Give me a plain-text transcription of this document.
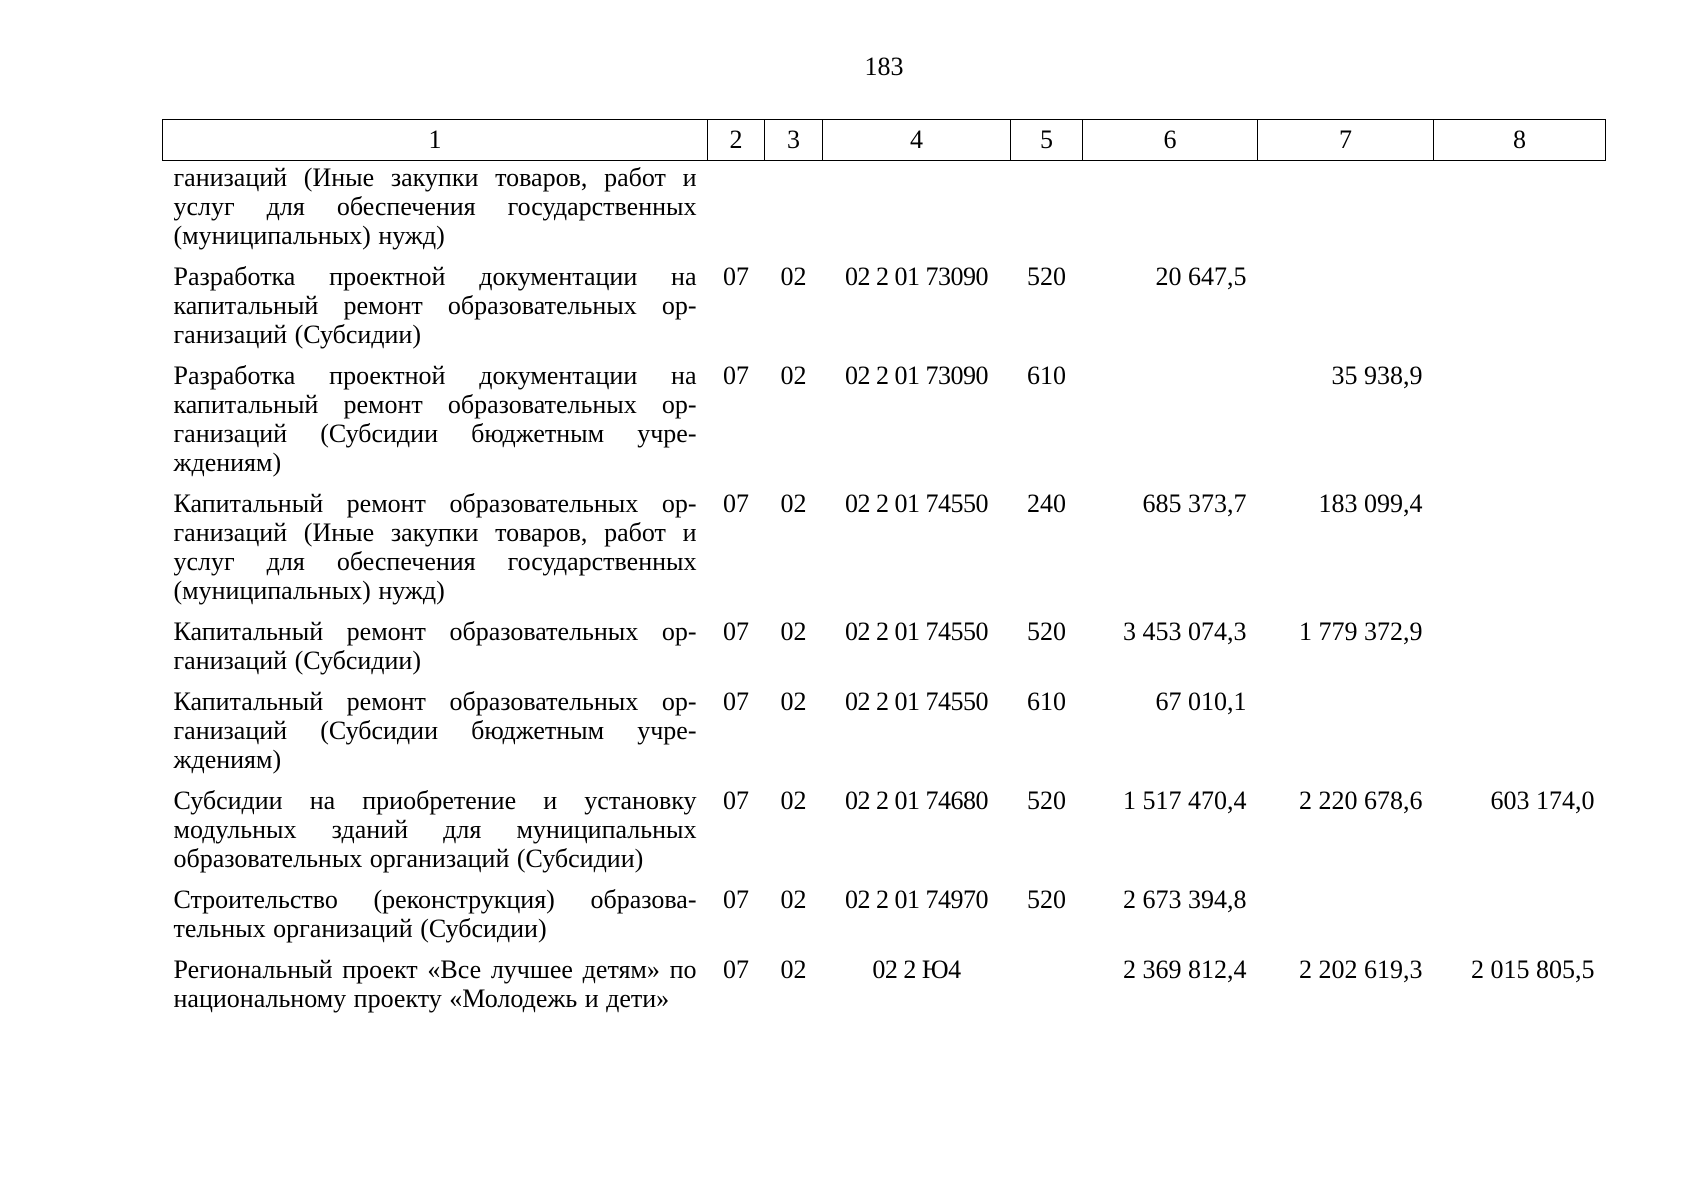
183
1	2	3	4	5	6	7	8
ганизаций (Иные закупки товаров, работ и услуг для обеспечения государственных (муниципальных) нужд)							
Разработка проектной документации на капитальный ремонт образовательных ор-ганизаций (Субсидии)	07	02	02 2 01 73090	520	20 647,5		
Разработка проектной документации на капитальный ремонт образовательных ор-ганизаций (Субсидии бюджетным учре-ждениям)	07	02	02 2 01 73090	610		35 938,9	
Капитальный ремонт образовательных ор-ганизаций (Иные закупки товаров, работ и услуг для обеспечения государственных (муниципальных) нужд)	07	02	02 2 01 74550	240	685 373,7	183 099,4	
Капитальный ремонт образовательных ор-ганизаций (Субсидии)	07	02	02 2 01 74550	520	3 453 074,3	1 779 372,9	
Капитальный ремонт образовательных ор-ганизаций (Субсидии бюджетным учре-ждениям)	07	02	02 2 01 74550	610	67 010,1		
Субсидии на приобретение и установку модульных зданий для муниципальных образовательных организаций (Субсидии)	07	02	02 2 01 74680	520	1 517 470,4	2 220 678,6	603 174,0
Строительство (реконструкция) образова-тельных организаций (Субсидии)	07	02	02 2 01 74970	520	2 673 394,8		
Региональный проект «Все лучшее детям» по национальному проекту «Молодежь и дети»	07	02	02 2 Ю4		2 369 812,4	2 202 619,3	2 015 805,5
